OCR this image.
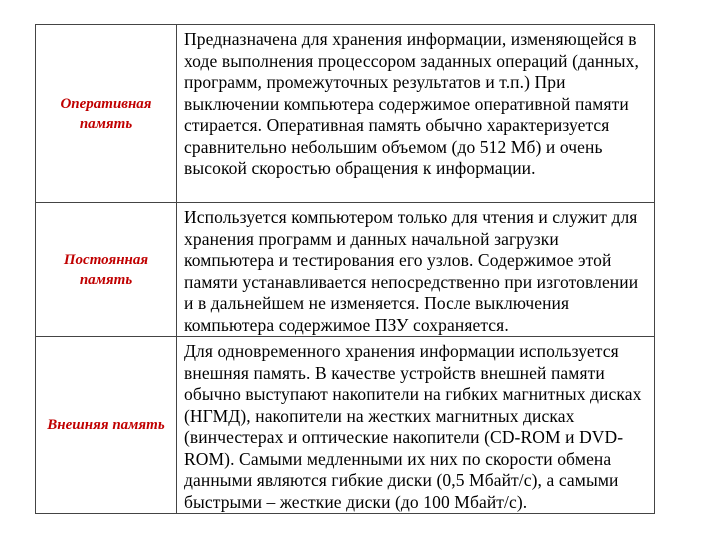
Оперативная память	Предназначена для хранения информации, изменяющейся в ходе выполнения процессором заданных операций (данных, программ, промежуточных результатов и т.п.) При выключении компьютера содержимое оперативной памяти стирается. Оперативная память обычно характеризуется сравнительно небольшим объемом (до 512 Мб) и очень высокой скоростью обращения к информации.
Постоянная память	Используется компьютером только для чтения и служит для хранения программ и данных начальной загрузки компьютера и тестирования его узлов. Содержимое этой памяти устанавливается непосредственно при изготовлении и в дальнейшем не изменяется. После выключения компьютера содержимое ПЗУ сохраняется.
Внешняя память	Для одновременного хранения информации используется внешняя память. В качестве устройств внешней памяти обычно выступают накопители на гибких магнитных дисках (НГМД), накопители на жестких магнитных дисках (винчестерах и оптические накопители (CD-ROM и DVD-ROM). Самыми медленными их них по скорости обмена данными являются гибкие диски (0,5 Мбайт/с), а самыми быстрыми – жесткие диски (до 100 Мбайт/с).
